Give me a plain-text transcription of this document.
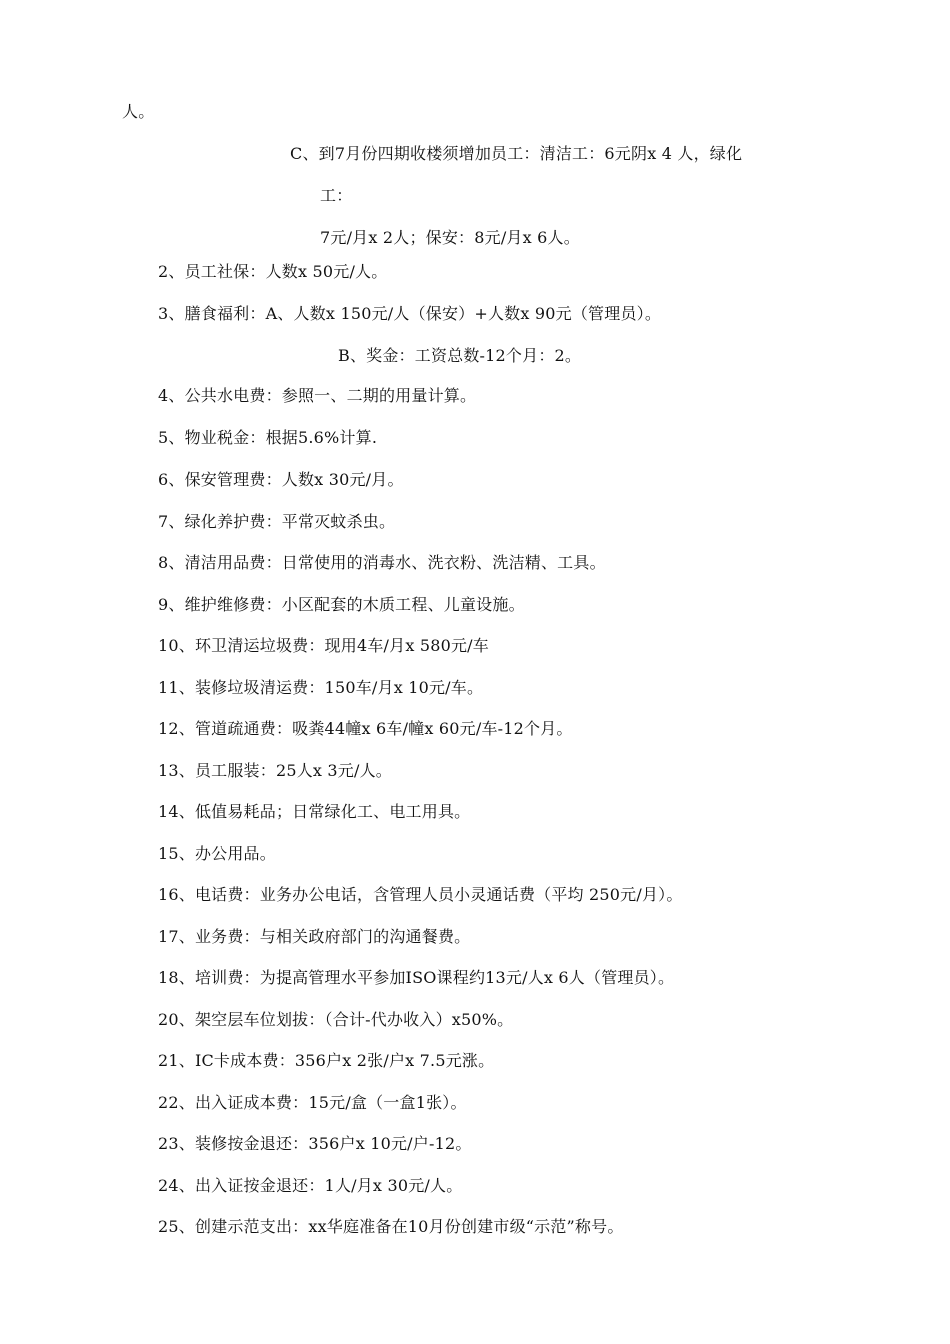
人。
C、到7月份四期收楼须增加员工：清洁工：6元阴x 4 人，绿化
工：
7元/月x 2人；保安：8元/月x 6人。
2、员工社保：人数x 50元/人。
3、膳食福利：A、人数x 150元/人（保安）+人数x 90元（管理员）。
B、奖金：工资总数-12个月：2。
4、公共水电费：参照一、二期的用量计算。
5、物业税金：根据5.6%计算.
6、保安管理费：人数x 30元/月。
7、绿化养护费：平常灭蚊杀虫。
8、清洁用品费：日常使用的消毒水、洗衣粉、洗洁精、工具。
9、维护维修费：小区配套的木质工程、儿童设施。
10、环卫清运垃圾费：现用4车/月x 580元/车
11、装修垃圾清运费：150车/月x 10元/车。
12、管道疏通费：吸粪44幢x 6车/幢x 60元/车-12个月。
13、员工服装：25人x 3元/人。
14、低值易耗品；日常绿化工、电工用具。
15、办公用品。
16、电话费：业务办公电话，含管理人员小灵通话费（平均 250元/月）。
17、业务费：与相关政府部门的沟通餐费。
18、培训费：为提高管理水平参加ISO课程约13元/人x 6人（管理员）。
20、架空层车位划拔：（合计-代办收入）x50%。
21、IC卡成本费：356户x 2张/户x 7.5元涨。
22、出入证成本费：15元/盒（一盒1张）。
23、装修按金退还：356户x 10元/户-12。
24、出入证按金退还：1人/月x 30元/人。
25、创建示范支出：xx华庭准备在10月份创建市级“示范”称号。
